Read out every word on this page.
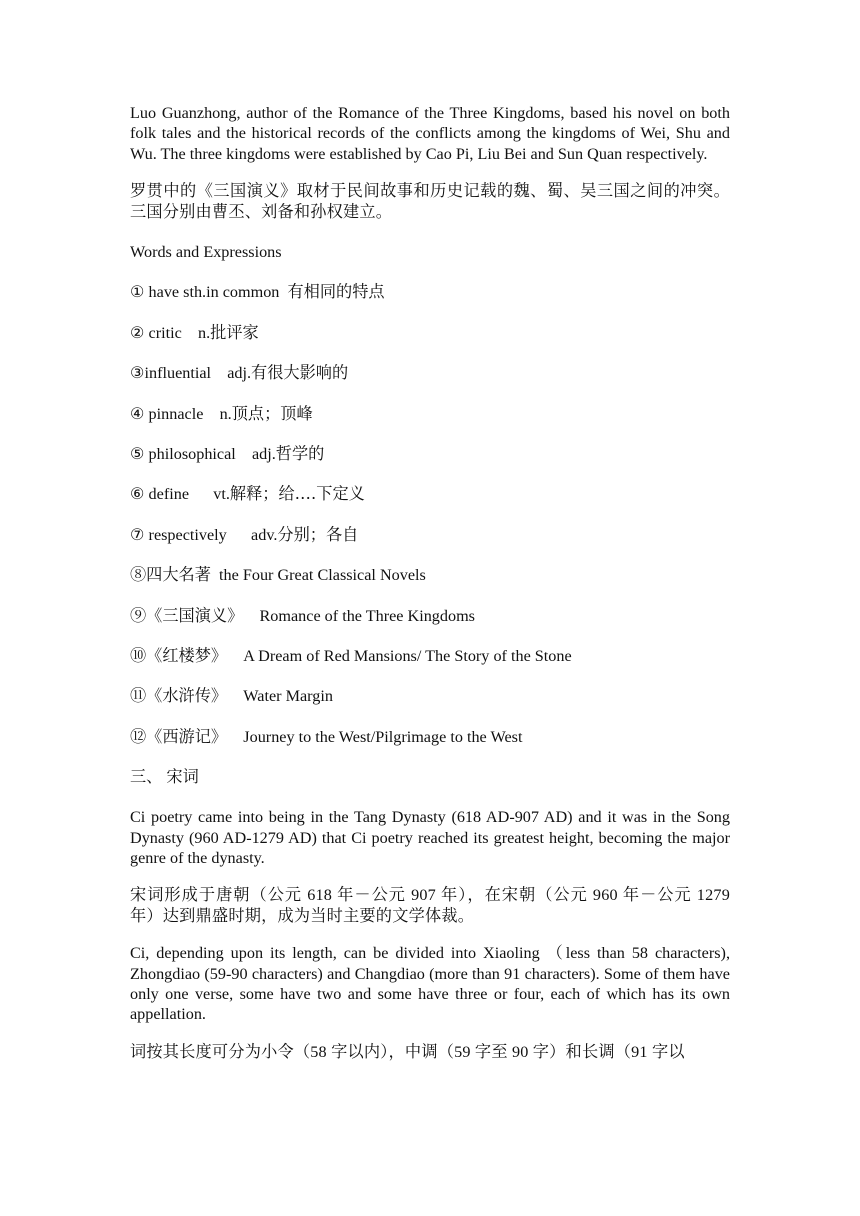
Luo Guanzhong, author of the Romance of the Three Kingdoms, based his novel on both folk tales and the historical records of the conflicts among the kingdoms of Wei, Shu and Wu. The three kingdoms were established by Cao Pi, Liu Bei and Sun Quan respectively.

罗贯中的《三国演义》取材于民间故事和历史记载的魏、蜀、吴三国之间的冲突。三国分别由曹丕、刘备和孙权建立。

Words and Expressions

① have sth.in common  有相同的特点

② critic    n.批评家

③influential    adj.有很大影响的

④ pinnacle    n.顶点；顶峰

⑤ philosophical    adj.哲学的

⑥ define      vt.解释；给‥‥下定义

⑦ respectively      adv.分别；各自

⑧四大名著  the Four Great Classical Novels

⑨《三国演义》    Romance of the Three Kingdoms

⑩《红楼梦》    A Dream of Red Mansions/ The Story of the Stone

⑪《水浒传》    Water Margin

⑫《西游记》    Journey to the West/Pilgrimage to the West

三、 宋词

Ci poetry came into being in the Tang Dynasty (618 AD-907 AD) and it was in the Song Dynasty (960 AD-1279 AD) that Ci poetry reached its greatest height, becoming the major genre of the dynasty.

宋词形成于唐朝（公元 618 年－公元 907 年），在宋朝（公元 960 年－公元 1279 年）达到鼎盛时期，成为当时主要的文学体裁。

Ci, depending upon its length, can be divided into Xiaoling （less than 58 characters), Zhongdiao (59-90 characters) and Changdiao (more than 91 characters). Some of them have only one verse, some have two and some have three or four, each of which has its own appellation.

词按其长度可分为小令（58 字以内），中调（59 字至 90 字）和长调（91 字以
